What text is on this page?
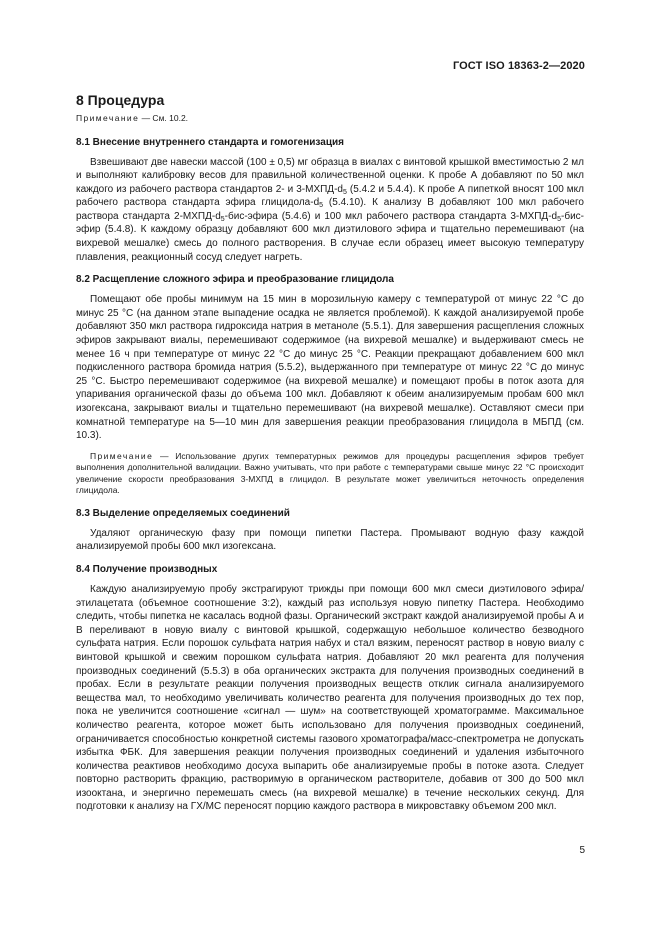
ГОСТ ISO 18363-2—2020
8 Процедура

Примечание — См. 10.2.

8.1 Внесение внутреннего стандарта и гомогенизация

Взвешивают две навески массой (100 ± 0,5) мг образца в виалах с винтовой крышкой вместимостью 2 мл и выполняют калибровку весов для правильной количественной оценки. К пробе А добавляют по 50 мкл каждого из рабочего раствора стандартов 2- и $3-МХПД-d_5$ (5.4.2 и 5.4.4). К пробе А пипеткой вносят 100 мкл рабочего раствора стандарта эфира глицидола-$d_5$ (5.4.10). К анализу В добавляют 100 мкл рабочего раствора стандарта $2-МХПД-d_5-бис$-эфира (5.4.6) и 100 мкл рабочего раствора стандарта $3-МХПД-d_5-бис$-эфир (5.4.8). К каждому образцу добавляют 600 мкл диэтилового эфира и тщательно перемешивают (на вихревой мешалке) смесь до полного растворения. В случае если образец имеет высокую температуру плавления, реакционный сосуд следует нагреть.

8.2 Расщепление сложного эфира и преобразование глицидола

Помещают обе пробы минимум на 15 мин в морозильную камеру с температурой от минус 22 °С до минус 25 °С (на данном этапе выпадение осадка не является проблемой). К каждой анализируемой пробе добавляют 350 мкл раствора гидроксида натрия в метаноле (5.5.1). Для завершения расщепления сложных эфиров закрывают виалы, перемешивают содержимое (на вихревой мешалке) и выдерживают смесь не менее 16 ч при температуре от минус 22 °С до минус 25 °С. Реакции прекращают добавлением 600 мкл подкисленного раствора бромида натрия (5.5.2), выдержанного при температуре от минус 22 °С до минус 25 °С. Быстро перемешивают содержимое (на вихревой мешалке) и помещают пробы в поток азота для упаривания органической фазы до объема 100 мкл. Добавляют к обеим анализируемым пробам 600 мкл изогексана, закрывают виалы и тщательно перемешивают (на вихревой мешалке). Оставляют смеси при комнатной температуре на 5—10 мин для завершения реакции преобразования глицидола в МБПД (см. 10.3).

Примечание — Использование других температурных режимов для процедуры расщепления эфиров требует выполнения дополнительной валидации. Важно учитывать, что при работе с температурами свыше минус 22 °С происходит увеличение скорости преобразования 3-МХПД в глицидол. В результате может увеличиться неточность определения глицидола.

8.3 Выделение определяемых соединений

Удаляют органическую фазу при помощи пипетки Пастера. Промывают водную фазу каждой анализируемой пробы 600 мкл изогексана.

8.4 Получение производных

Каждую анализируемую пробу экстрагируют трижды при помощи 600 мкл смеси диэтилового эфира/этилацетата (объемное соотношение 3:2), каждый раз используя новую пипетку Пастера. Необходимо следить, чтобы пипетка не касалась водной фазы. Органический экстракт каждой анализируемой пробы А и В переливают в новую виалу с винтовой крышкой, содержащую небольшое количество безводного сульфата натрия. Если порошок сульфата натрия набух и стал вязким, переносят раствор в новую виалу с винтовой крышкой и свежим порошком сульфата натрия. Добавляют 20 мкл реагента для получения производных соединений (5.5.3) в оба органических экстракта для получения производных соединений в пробах. Если в результате реакции получения производных веществ отклик сигнала анализируемого вещества мал, то необходимо увеличивать количество реагента для получения производных до тех пор, пока не увеличится соотношение «сигнал — шум» на соответствующей хроматограмме. Максимальное количество реагента, которое может быть использовано для получения производных соединений, ограничивается способностью конкретной системы газового хроматографа/масс-спектрометра не допускать избытка ФБК. Для завершения реакции получения производных соединений и удаления избыточного количества реактивов необходимо досуха выпарить обе анализируемые пробы в потоке азота. Следует повторно растворить фракцию, растворимую в органическом растворителе, добавив от 300 до 500 мкл изооктана, и энергично перемешать смесь (на вихревой мешалке) в течение нескольких секунд. Для подготовки к анализу на ГХ/МС переносят порцию каждого раствора в микровставку объемом 200 мкл.

5
